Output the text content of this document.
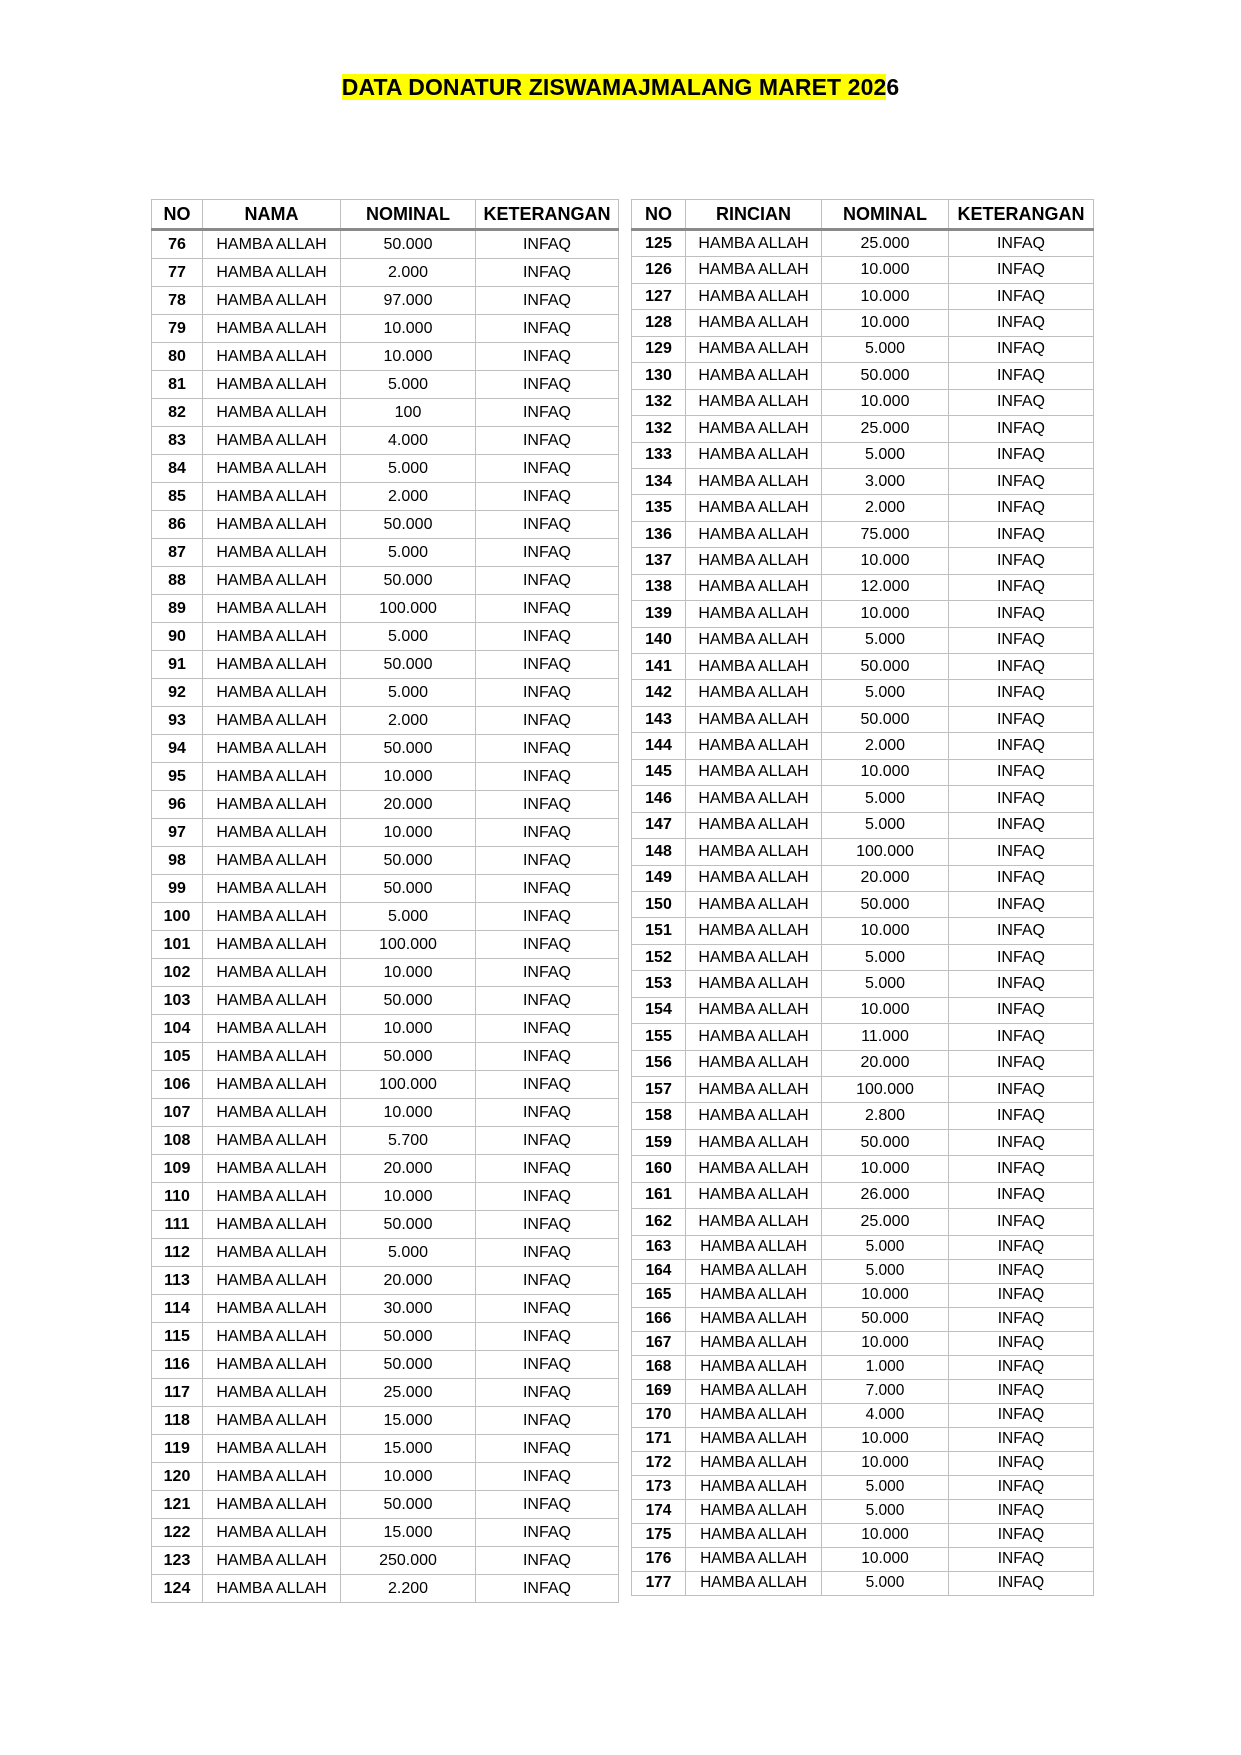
DATA DONATUR ZISWAMAJMALANG MARET 2026
NO	NAMA	NOMINAL	KETERANGAN
76	HAMBA ALLAH	50.000	INFAQ
77	HAMBA ALLAH	2.000	INFAQ
78	HAMBA ALLAH	97.000	INFAQ
79	HAMBA ALLAH	10.000	INFAQ
80	HAMBA ALLAH	10.000	INFAQ
81	HAMBA ALLAH	5.000	INFAQ
82	HAMBA ALLAH	100	INFAQ
83	HAMBA ALLAH	4.000	INFAQ
84	HAMBA ALLAH	5.000	INFAQ
85	HAMBA ALLAH	2.000	INFAQ
86	HAMBA ALLAH	50.000	INFAQ
87	HAMBA ALLAH	5.000	INFAQ
88	HAMBA ALLAH	50.000	INFAQ
89	HAMBA ALLAH	100.000	INFAQ
90	HAMBA ALLAH	5.000	INFAQ
91	HAMBA ALLAH	50.000	INFAQ
92	HAMBA ALLAH	5.000	INFAQ
93	HAMBA ALLAH	2.000	INFAQ
94	HAMBA ALLAH	50.000	INFAQ
95	HAMBA ALLAH	10.000	INFAQ
96	HAMBA ALLAH	20.000	INFAQ
97	HAMBA ALLAH	10.000	INFAQ
98	HAMBA ALLAH	50.000	INFAQ
99	HAMBA ALLAH	50.000	INFAQ
100	HAMBA ALLAH	5.000	INFAQ
101	HAMBA ALLAH	100.000	INFAQ
102	HAMBA ALLAH	10.000	INFAQ
103	HAMBA ALLAH	50.000	INFAQ
104	HAMBA ALLAH	10.000	INFAQ
105	HAMBA ALLAH	50.000	INFAQ
106	HAMBA ALLAH	100.000	INFAQ
107	HAMBA ALLAH	10.000	INFAQ
108	HAMBA ALLAH	5.700	INFAQ
109	HAMBA ALLAH	20.000	INFAQ
110	HAMBA ALLAH	10.000	INFAQ
111	HAMBA ALLAH	50.000	INFAQ
112	HAMBA ALLAH	5.000	INFAQ
113	HAMBA ALLAH	20.000	INFAQ
114	HAMBA ALLAH	30.000	INFAQ
115	HAMBA ALLAH	50.000	INFAQ
116	HAMBA ALLAH	50.000	INFAQ
117	HAMBA ALLAH	25.000	INFAQ
118	HAMBA ALLAH	15.000	INFAQ
119	HAMBA ALLAH	15.000	INFAQ
120	HAMBA ALLAH	10.000	INFAQ
121	HAMBA ALLAH	50.000	INFAQ
122	HAMBA ALLAH	15.000	INFAQ
123	HAMBA ALLAH	250.000	INFAQ
124	HAMBA ALLAH	2.200	INFAQ
NO	RINCIAN	NOMINAL	KETERANGAN
125	HAMBA ALLAH	25.000	INFAQ
126	HAMBA ALLAH	10.000	INFAQ
127	HAMBA ALLAH	10.000	INFAQ
128	HAMBA ALLAH	10.000	INFAQ
129	HAMBA ALLAH	5.000	INFAQ
130	HAMBA ALLAH	50.000	INFAQ
132	HAMBA ALLAH	10.000	INFAQ
132	HAMBA ALLAH	25.000	INFAQ
133	HAMBA ALLAH	5.000	INFAQ
134	HAMBA ALLAH	3.000	INFAQ
135	HAMBA ALLAH	2.000	INFAQ
136	HAMBA ALLAH	75.000	INFAQ
137	HAMBA ALLAH	10.000	INFAQ
138	HAMBA ALLAH	12.000	INFAQ
139	HAMBA ALLAH	10.000	INFAQ
140	HAMBA ALLAH	5.000	INFAQ
141	HAMBA ALLAH	50.000	INFAQ
142	HAMBA ALLAH	5.000	INFAQ
143	HAMBA ALLAH	50.000	INFAQ
144	HAMBA ALLAH	2.000	INFAQ
145	HAMBA ALLAH	10.000	INFAQ
146	HAMBA ALLAH	5.000	INFAQ
147	HAMBA ALLAH	5.000	INFAQ
148	HAMBA ALLAH	100.000	INFAQ
149	HAMBA ALLAH	20.000	INFAQ
150	HAMBA ALLAH	50.000	INFAQ
151	HAMBA ALLAH	10.000	INFAQ
152	HAMBA ALLAH	5.000	INFAQ
153	HAMBA ALLAH	5.000	INFAQ
154	HAMBA ALLAH	10.000	INFAQ
155	HAMBA ALLAH	11.000	INFAQ
156	HAMBA ALLAH	20.000	INFAQ
157	HAMBA ALLAH	100.000	INFAQ
158	HAMBA ALLAH	2.800	INFAQ
159	HAMBA ALLAH	50.000	INFAQ
160	HAMBA ALLAH	10.000	INFAQ
161	HAMBA ALLAH	26.000	INFAQ
162	HAMBA ALLAH	25.000	INFAQ
163	HAMBA ALLAH	5.000	INFAQ
164	HAMBA ALLAH	5.000	INFAQ
165	HAMBA ALLAH	10.000	INFAQ
166	HAMBA ALLAH	50.000	INFAQ
167	HAMBA ALLAH	10.000	INFAQ
168	HAMBA ALLAH	1.000	INFAQ
169	HAMBA ALLAH	7.000	INFAQ
170	HAMBA ALLAH	4.000	INFAQ
171	HAMBA ALLAH	10.000	INFAQ
172	HAMBA ALLAH	10.000	INFAQ
173	HAMBA ALLAH	5.000	INFAQ
174	HAMBA ALLAH	5.000	INFAQ
175	HAMBA ALLAH	10.000	INFAQ
176	HAMBA ALLAH	10.000	INFAQ
177	HAMBA ALLAH	5.000	INFAQ
